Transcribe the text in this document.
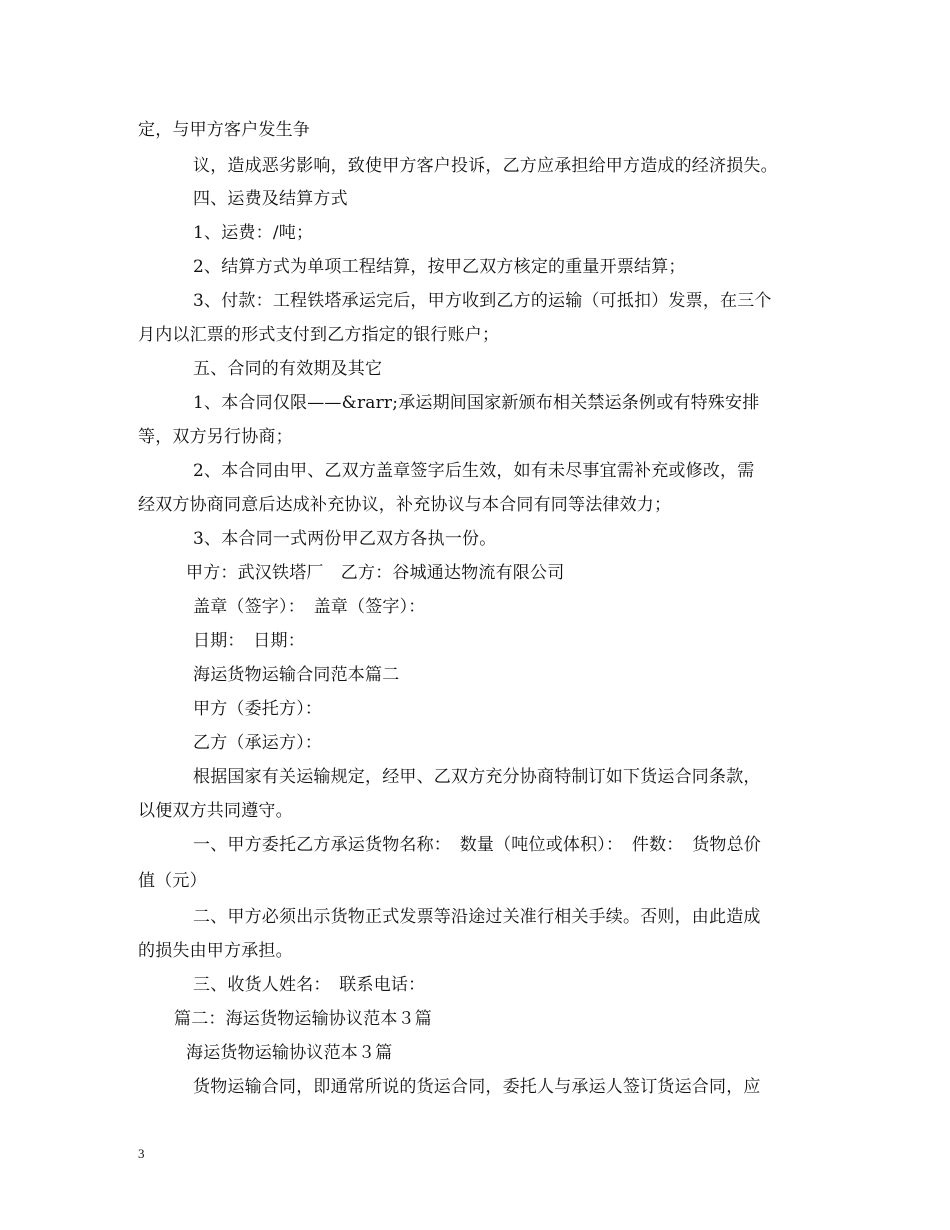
定，与甲方客户发生争
议，造成恶劣影响，致使甲方客户投诉，乙方应承担给甲方造成的经济损失。
四、运费及结算方式
1、运费：/吨；
2、结算方式为单项工程结算，按甲乙双方核定的重量开票结算；
3、付款：工程铁塔承运完后，甲方收到乙方的运输（可抵扣）发票，在三个
月内以汇票的形式支付到乙方指定的银行账户；
五、合同的有效期及其它
1、本合同仅限——&rarr;承运期间国家新颁布相关禁运条例或有特殊安排
等，双方另行协商；
2、本合同由甲、乙双方盖章签字后生效，如有未尽事宜需补充或修改，需
经双方协商同意后达成补充协议，补充协议与本合同有同等法律效力；
3、本合同一式两份甲乙双方各执一份。
甲方：武汉铁塔厂　乙方：谷城通达物流有限公司
盖章（签字）：　盖章（签字）：
日期：　日期：
海运货物运输合同范本篇二
甲方（委托方）：
乙方（承运方）：
根据国家有关运输规定，经甲、乙双方充分协商特制订如下货运合同条款，
以便双方共同遵守。
一、甲方委托乙方承运货物名称：　数量（吨位或体积）：　件数：　货物总价
值（元）
二、甲方必须出示货物正式发票等沿途过关准行相关手续。否则，由此造成
的损失由甲方承担。
三、收货人姓名：　联系电话：
篇二：海运货物运输协议范本３篇
海运货物运输协议范本３篇
货物运输合同，即通常所说的货运合同，委托人与承运人签订货运合同，应
3
